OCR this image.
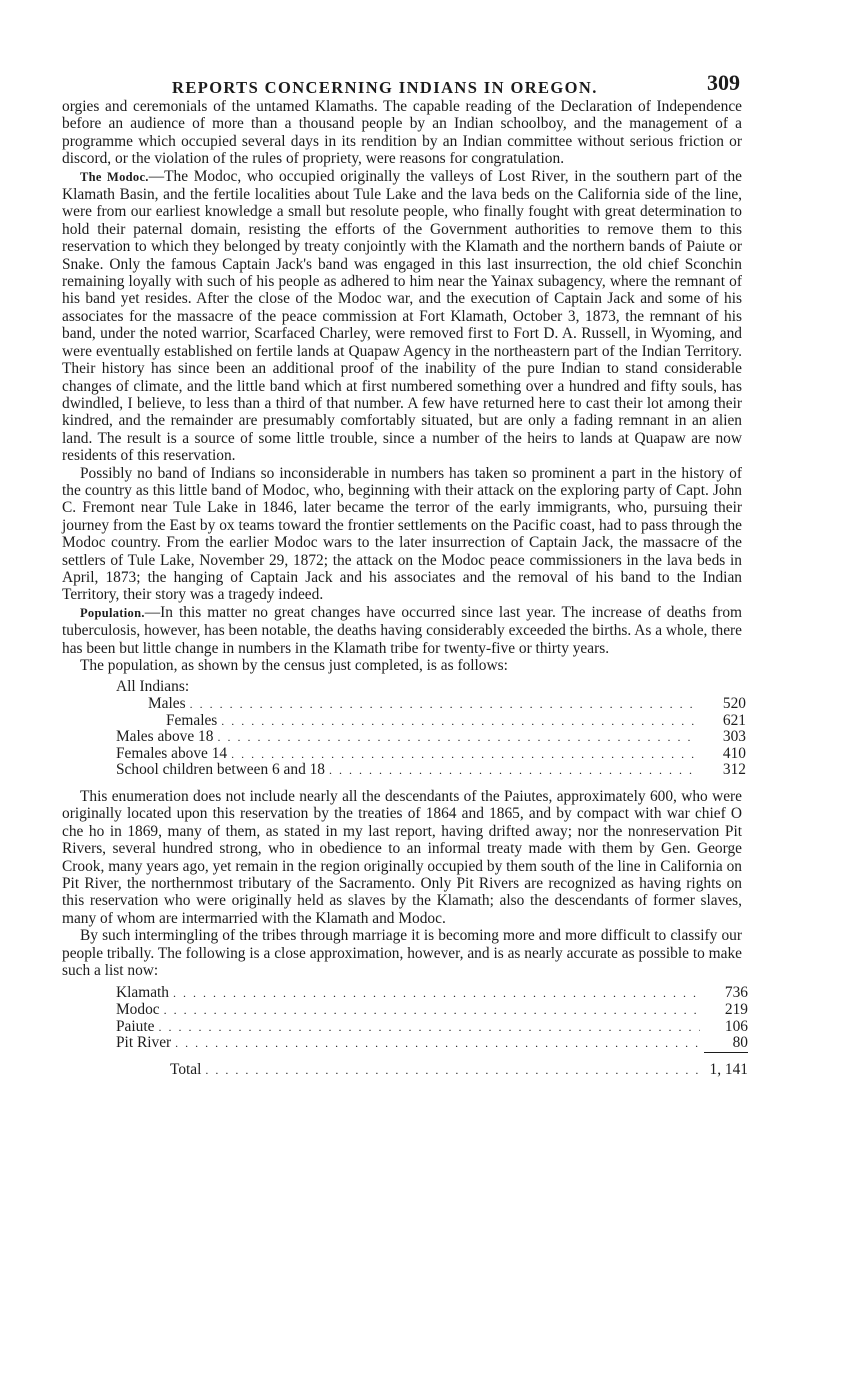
REPORTS CONCERNING INDIANS IN OREGON.	309

orgies and ceremonials of the untamed Klamaths. The capable reading of the Declaration of Independence before an audience of more than a thousand people by an Indian schoolboy, and the management of a programme which occupied several days in its rendition by an Indian committee without serious friction or discord, or the violation of the rules of propriety, were reasons for congratulation.

The Modoc.—The Modoc, who occupied originally the valleys of Lost River, in the southern part of the Klamath Basin, and the fertile localities about Tule Lake and the lava beds on the California side of the line, were from our earliest knowledge a small but resolute people, who finally fought with great determination to hold their paternal domain, resisting the efforts of the Government authorities to remove them to this reservation to which they belonged by treaty conjointly with the Klamath and the northern bands of Paiute or Snake. Only the famous Captain Jack's band was engaged in this last insurrection, the old chief Sconchin remaining loyally with such of his people as adhered to him near the Yainax subagency, where the remnant of his band yet resides. After the close of the Modoc war, and the execution of Captain Jack and some of his associates for the massacre of the peace commission at Fort Klamath, October 3, 1873, the remnant of his band, under the noted warrior, Scarfaced Charley, were removed first to Fort D. A. Russell, in Wyoming, and were eventually established on fertile lands at Quapaw Agency in the northeastern part of the Indian Territory. Their history has since been an additional proof of the inability of the pure Indian to stand considerable changes of climate, and the little band which at first numbered something over a hundred and fifty souls, has dwindled, I believe, to less than a third of that number. A few have returned here to cast their lot among their kindred, and the remainder are presumably comfortably situated, but are only a fading remnant in an alien land. The result is a source of some little trouble, since a number of the heirs to lands at Quapaw are now residents of this reservation.

Possibly no band of Indians so inconsiderable in numbers has taken so prominent a part in the history of the country as this little band of Modoc, who, beginning with their attack on the exploring party of Capt. John C. Fremont near Tule Lake in 1846, later became the terror of the early immigrants, who, pursuing their journey from the East by ox teams toward the frontier settlements on the Pacific coast, had to pass through the Modoc country. From the earlier Modoc wars to the later insurrection of Captain Jack, the massacre of the settlers of Tule Lake, November 29, 1872; the attack on the Modoc peace commissioners in the lava beds in April, 1873; the hanging of Captain Jack and his associates and the removal of his band to the Indian Territory, their story was a tragedy indeed.

Population.—In this matter no great changes have occurred since last year. The increase of deaths from tuberculosis, however, has been notable, the deaths having considerably exceeded the births. As a whole, there has been but little change in numbers in the Klamath tribe for twenty-five or thirty years.

The population, as shown by the census just completed, is as follows:

All Indians:
Males . . .	520
Females . . .	621
Males above 18 . . .	303
Females above 14 . . .	410
School children between 6 and 18 . . .	312

This enumeration does not include nearly all the descendants of the Paiutes, approximately 600, who were originally located upon this reservation by the treaties of 1864 and 1865, and by compact with war chief O che ho in 1869, many of them, as stated in my last report, having drifted away; nor the nonreservation Pit Rivers, several hundred strong, who in obedience to an informal treaty made with them by Gen. George Crook, many years ago, yet remain in the region originally occupied by them south of the line in California on Pit River, the northernmost tributary of the Sacramento. Only Pit Rivers are recognized as having rights on this reservation who were originally held as slaves by the Klamath; also the descendants of former slaves, many of whom are intermarried with the Klamath and Modoc.

By such intermingling of the tribes through marriage it is becoming more and more difficult to classify our people tribally. The following is a close approximation, however, and is as nearly accurate as possible to make such a list now:

Klamath . . .	736
Modoc . . .	219
Paiute . . .	106
Pit River . . .	80
Total . . .	1, 141
